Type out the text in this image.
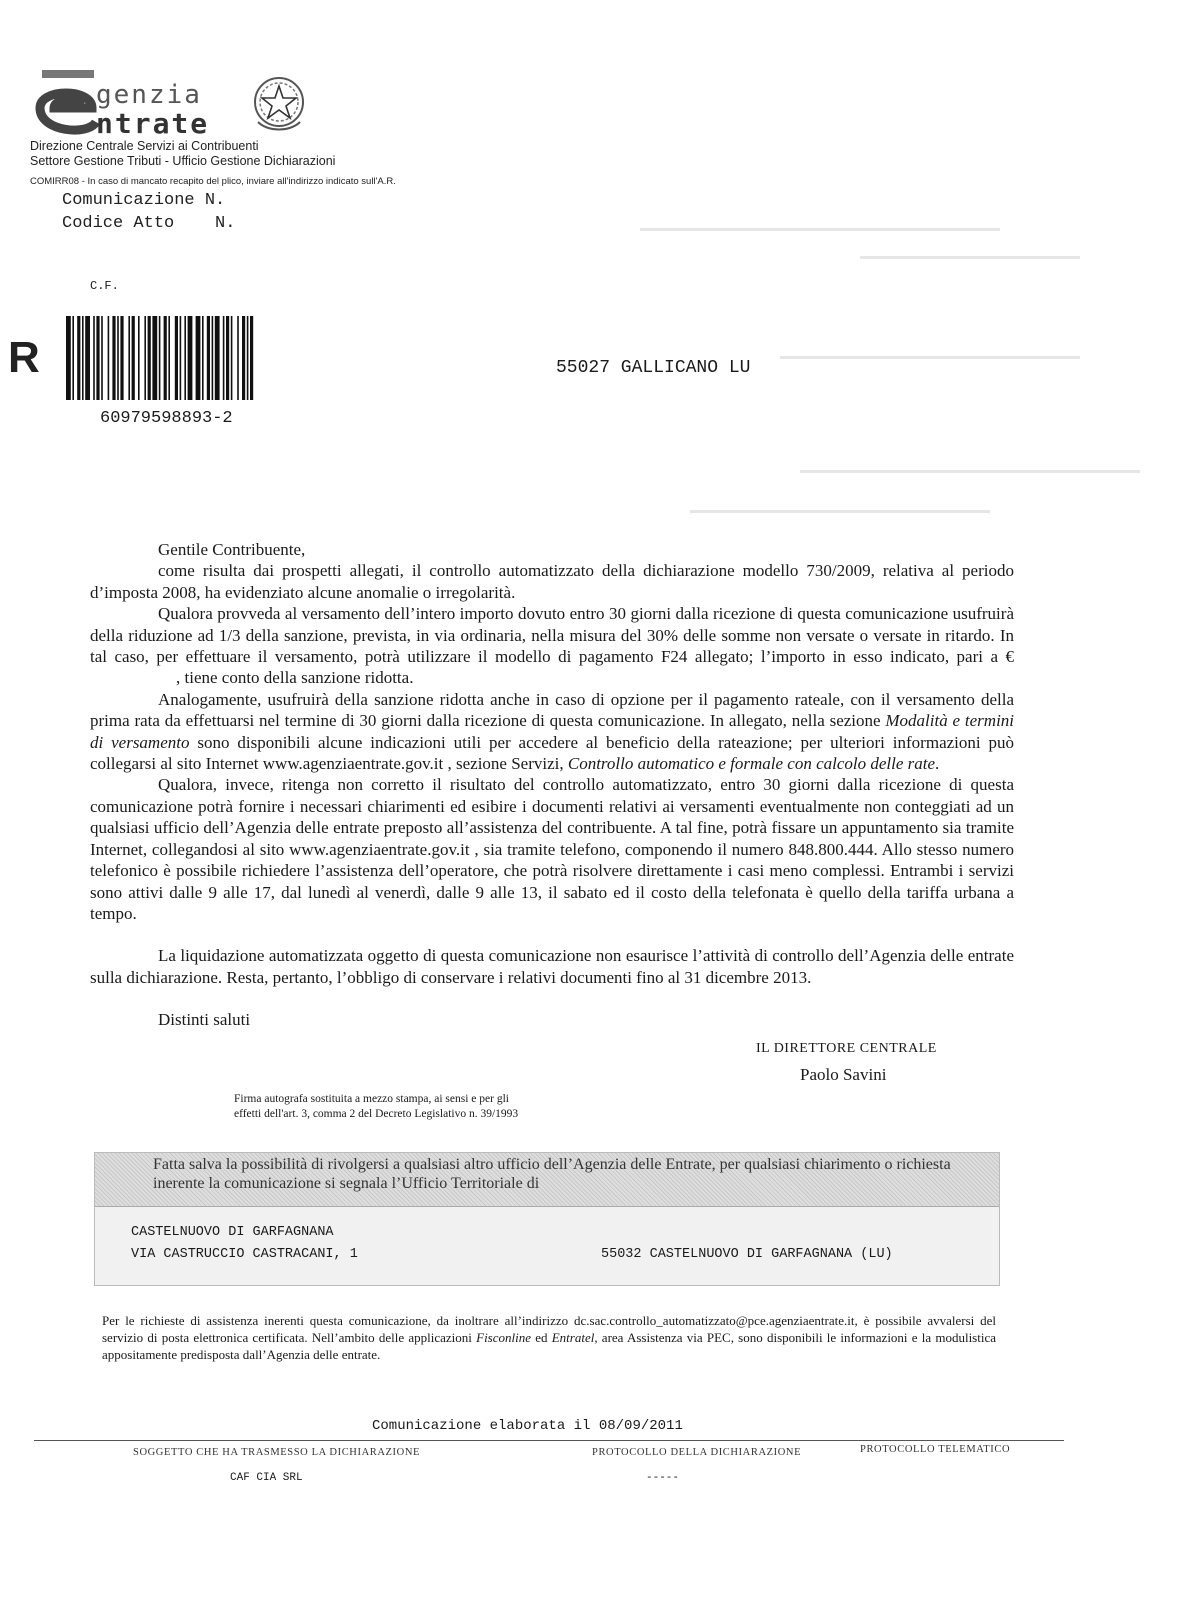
genzia
ntrate
Direzione Centrale Servizi ai Contribuenti
Settore Gestione Tributi - Ufficio Gestione Dichiarazioni
COMIRR08 - In caso di mancato recapito del plico, inviare all'indirizzo indicato sull'A.R.
Comunicazione N.
Codice Atto    N.
C.F.
R
60979598893-2
55027 GALLICANO LU

Gentile Contribuente,

come risulta dai prospetti allegati, il controllo automatizzato della dichiarazione modello 730/2009, relativa al periodo d’imposta 2008, ha evidenziato alcune anomalie o irregolarità.

Qualora provveda al versamento dell’intero importo dovuto entro 30 giorni dalla ricezione di questa comunicazione usufruirà della riduzione ad 1/3 della sanzione, prevista, in via ordinaria, nella misura del 30% delle somme non versate o versate in ritardo. In tal caso, per effettuare il versamento, potrà utilizzare il modello di pagamento F24 allegato; l’importo in esso indicato, pari a €, tiene conto della sanzione ridotta.

Analogamente, usufruirà della sanzione ridotta anche in caso di opzione per il pagamento rateale, con il versamento della prima rata da effettuarsi nel termine di 30 giorni dalla ricezione di questa comunicazione. In allegato, nella sezione Modalità e termini di versamento sono disponibili alcune indicazioni utili per accedere al beneficio della rateazione; per ulteriori informazioni può collegarsi al sito Internet www.agenziaentrate.gov.it , sezione Servizi, Controllo automatico e formale con calcolo delle rate.

Qualora, invece, ritenga non corretto il risultato del controllo automatizzato, entro 30 giorni dalla ricezione di questa comunicazione potrà fornire i necessari chiarimenti ed esibire i documenti relativi ai versamenti eventualmente non conteggiati ad un qualsiasi ufficio dell’Agenzia delle entrate preposto all’assistenza del contribuente. A tal fine, potrà fissare un appuntamento sia tramite Internet, collegandosi al sito www.agenziaentrate.gov.it , sia tramite telefono, componendo il numero 848.800.444. Allo stesso numero telefonico è possibile richiedere l’assistenza dell’operatore, che potrà risolvere direttamente i casi meno complessi. Entrambi i servizi sono attivi dalle 9 alle 17, dal lunedì al venerdì, dalle 9 alle 13, il sabato ed il costo della telefonata è quello della tariffa urbana a tempo.

La liquidazione automatizzata oggetto di questa comunicazione non esaurisce l’attività di controllo dell’Agenzia delle entrate sulla dichiarazione. Resta, pertanto, l’obbligo di conservare i relativi documenti fino al 31 dicembre 2013.

Distinti saluti

IL DIRETTORE CENTRALE
Paolo Savini
Firma autografa sostituita a mezzo stampa, ai sensi e per gli
effetti dell'art. 3, comma 2 del Decreto Legislativo n. 39/1993
Fatta salva la possibilità di rivolgersi a qualsiasi altro ufficio dell’Agenzia delle Entrate, per qualsiasi chiarimento o richiesta inerente la comunicazione si segnala l’Ufficio Territoriale di
CASTELNUOVO DI GARFAGNANA
VIA CASTRUCCIO CASTRACANI, 1	55032 CASTELNUOVO DI GARFAGNANA (LU)
Per le richieste di assistenza inerenti questa comunicazione, da inoltrare all’indirizzo dc.sac.controllo_automatizzato@pce.agenziaentrate.it, è possibile avvalersi del servizio di posta elettronica certificata. Nell’ambito delle applicazioni Fisconline ed Entratel, area Assistenza via PEC, sono disponibili le informazioni e la modulistica appositamente predisposta dall’Agenzia delle entrate.
Comunicazione elaborata il 08/09/2011
SOGGETTO CHE HA TRASMESSO LA DICHIARAZIONE	PROTOCOLLO DELLA DICHIARAZIONE	PROTOCOLLO TELEMATICO
CAF CIA SRL	-----
